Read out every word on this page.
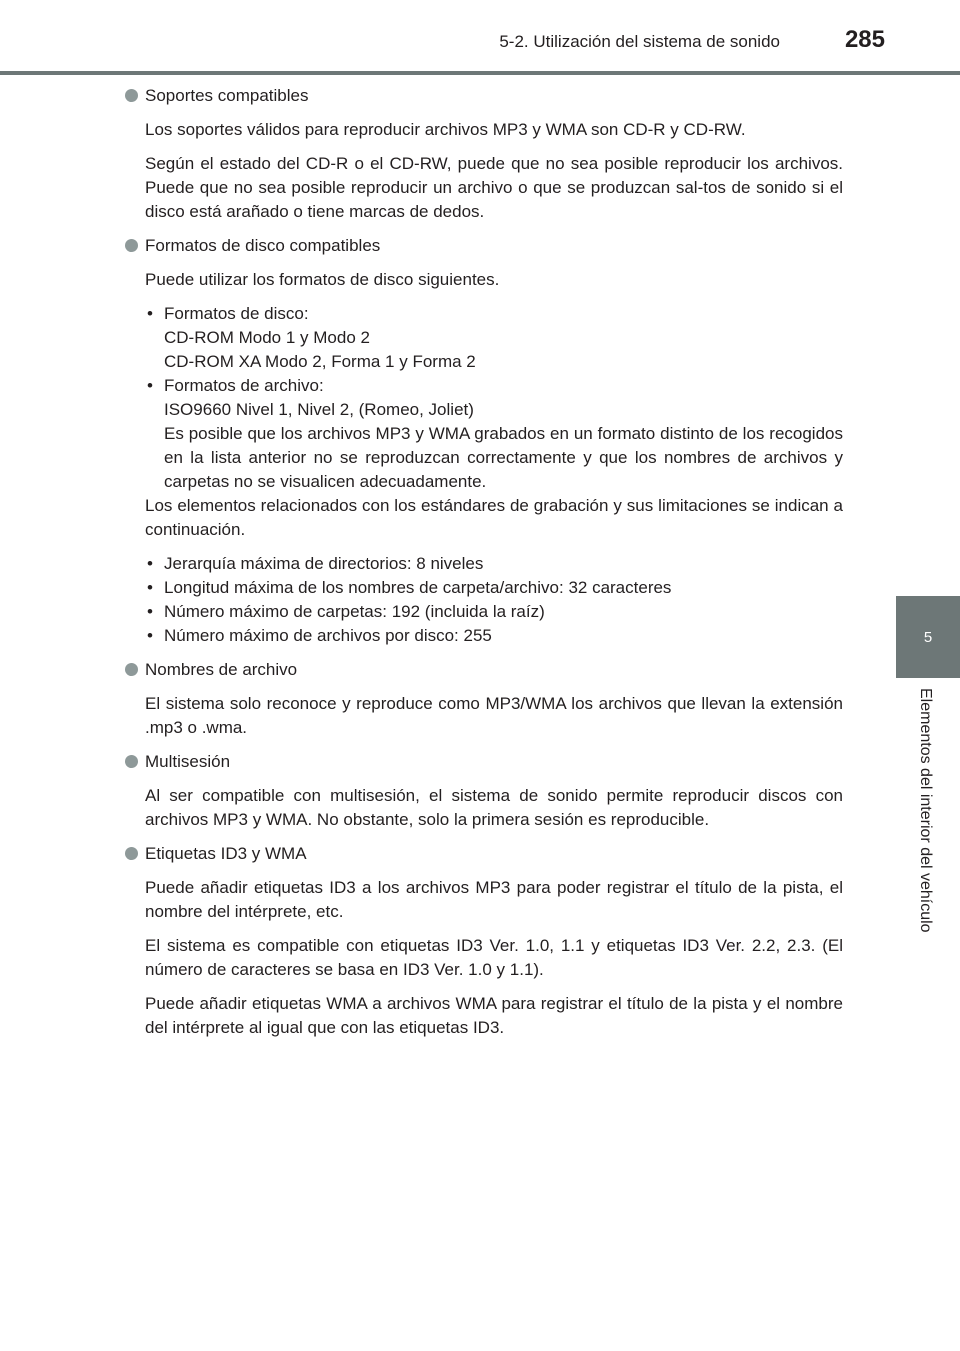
5-2. Utilización del sistema de sonido	285
5
Elementos del interior del vehículo
Soportes compatibles

Los soportes válidos para reproducir archivos MP3 y WMA son CD-R y CD-RW.

Según el estado del CD-R o el CD-RW, puede que no sea posible reproducir los archivos. Puede que no sea posible reproducir un archivo o que se produzcan sal-tos de sonido si el disco está arañado o tiene marcas de dedos.

Formatos de disco compatibles

Puede utilizar los formatos de disco siguientes.

• Formatos de disco:
CD-ROM Modo 1 y Modo 2
CD-ROM XA Modo 2, Forma 1 y Forma 2
• Formatos de archivo:
ISO9660 Nivel 1, Nivel 2, (Romeo, Joliet)
Es posible que los archivos MP3 y WMA grabados en un formato distinto de los recogidos en la lista anterior no se reproduzcan correctamente y que los nombres de archivos y carpetas no se visualicen adecuadamente.

Los elementos relacionados con los estándares de grabación y sus limitaciones se indican a continuación.

• Jerarquía máxima de directorios: 8 niveles
• Longitud máxima de los nombres de carpeta/archivo: 32 caracteres
• Número máximo de carpetas: 192 (incluida la raíz)
• Número máximo de archivos por disco: 255
Nombres de archivo

El sistema solo reconoce y reproduce como MP3/WMA los archivos que llevan la extensión .mp3 o .wma.

Multisesión

Al ser compatible con multisesión, el sistema de sonido permite reproducir discos con archivos MP3 y WMA. No obstante, solo la primera sesión es reproducible.

Etiquetas ID3 y WMA

Puede añadir etiquetas ID3 a los archivos MP3 para poder registrar el título de la pista, el nombre del intérprete, etc.

El sistema es compatible con etiquetas ID3 Ver. 1.0, 1.1 y etiquetas ID3 Ver. 2.2, 2.3. (El número de caracteres se basa en ID3 Ver. 1.0 y 1.1).

Puede añadir etiquetas WMA a archivos WMA para registrar el título de la pista y el nombre del intérprete al igual que con las etiquetas ID3.
